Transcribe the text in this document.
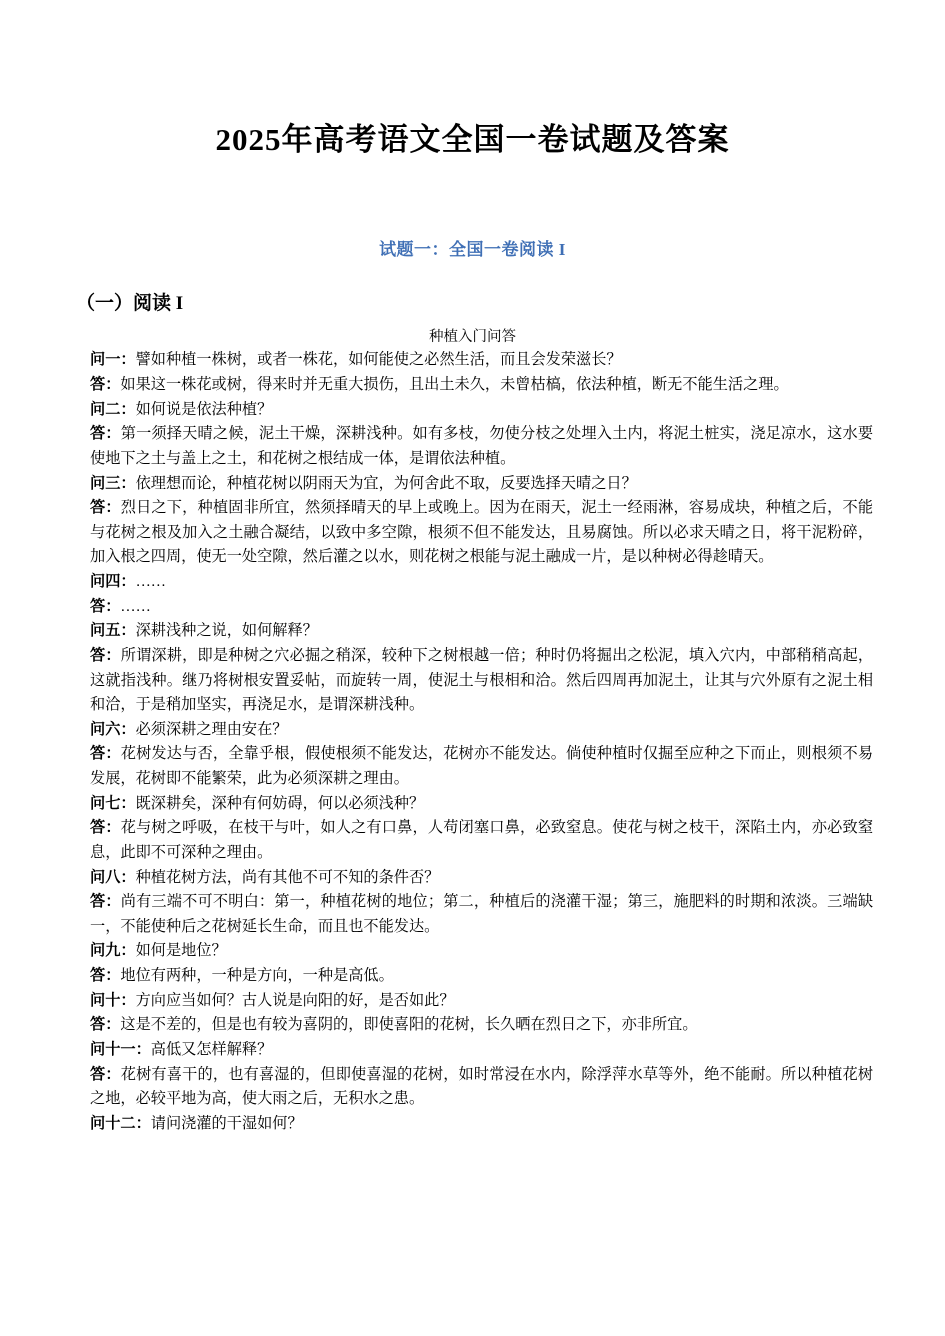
2025年高考语文全国一卷试题及答案
试题一：全国一卷阅读 I
（一）阅读 I
种植入门问答

问一：譬如种植一株树，或者一株花，如何能使之必然生活，而且会发荣滋长？

答：如果这一株花或树，得来时并无重大损伤，且出土未久，未曾枯槁，依法种植，断无不能生活之理。

问二：如何说是依法种植？

答：第一须择天晴之候，泥土干燥，深耕浅种。如有多枝，勿使分枝之处埋入土内，将泥土桩实，浇足凉水，这水要使地下之土与盖上之土，和花树之根结成一体，是谓依法种植。

问三：依理想而论，种植花树以阴雨天为宜，为何舍此不取，反要选择天晴之日？

答：烈日之下，种植固非所宜，然须择晴天的早上或晚上。因为在雨天，泥土一经雨淋，容易成块，种植之后，不能与花树之根及加入之土融合凝结，以致中多空隙，根须不但不能发达，且易腐蚀。所以必求天晴之日，将干泥粉碎，加入根之四周，使无一处空隙，然后灌之以水，则花树之根能与泥土融成一片，是以种树必得趁晴天。

问四：……

答：……

问五：深耕浅种之说，如何解释？

答：所谓深耕，即是种树之穴必掘之稍深，较种下之树根越一倍；种时仍将掘出之松泥，填入穴内，中部稍稍高起，这就指浅种。继乃将树根安置妥帖，而旋转一周，使泥土与根相和洽。然后四周再加泥土，让其与穴外原有之泥土相和洽，于是稍加坚实，再浇足水，是谓深耕浅种。

问六：必须深耕之理由安在？

答：花树发达与否，全靠乎根，假使根须不能发达，花树亦不能发达。倘使种植时仅掘至应种之下而止，则根须不易发展，花树即不能繁荣，此为必须深耕之理由。

问七：既深耕矣，深种有何妨碍，何以必须浅种？

答：花与树之呼吸，在枝干与叶，如人之有口鼻，人苟闭塞口鼻，必致窒息。使花与树之枝干，深陷土内，亦必致窒息，此即不可深种之理由。

问八：种植花树方法，尚有其他不可不知的条件否？

答：尚有三端不可不明白：第一，种植花树的地位；第二，种植后的浇灌干湿；第三，施肥料的时期和浓淡。三端缺一，不能使种后之花树延长生命，而且也不能发达。

问九：如何是地位？

答：地位有两种，一种是方向，一种是高低。

问十：方向应当如何？古人说是向阳的好，是否如此？

答：这是不差的，但是也有较为喜阴的，即使喜阳的花树，长久晒在烈日之下，亦非所宜。

问十一：高低又怎样解释？

答：花树有喜干的，也有喜湿的，但即使喜湿的花树，如时常浸在水内，除浮萍水草等外，绝不能耐。所以种植花树之地，必较平地为高，使大雨之后，无积水之患。

问十二：请问浇灌的干湿如何？
